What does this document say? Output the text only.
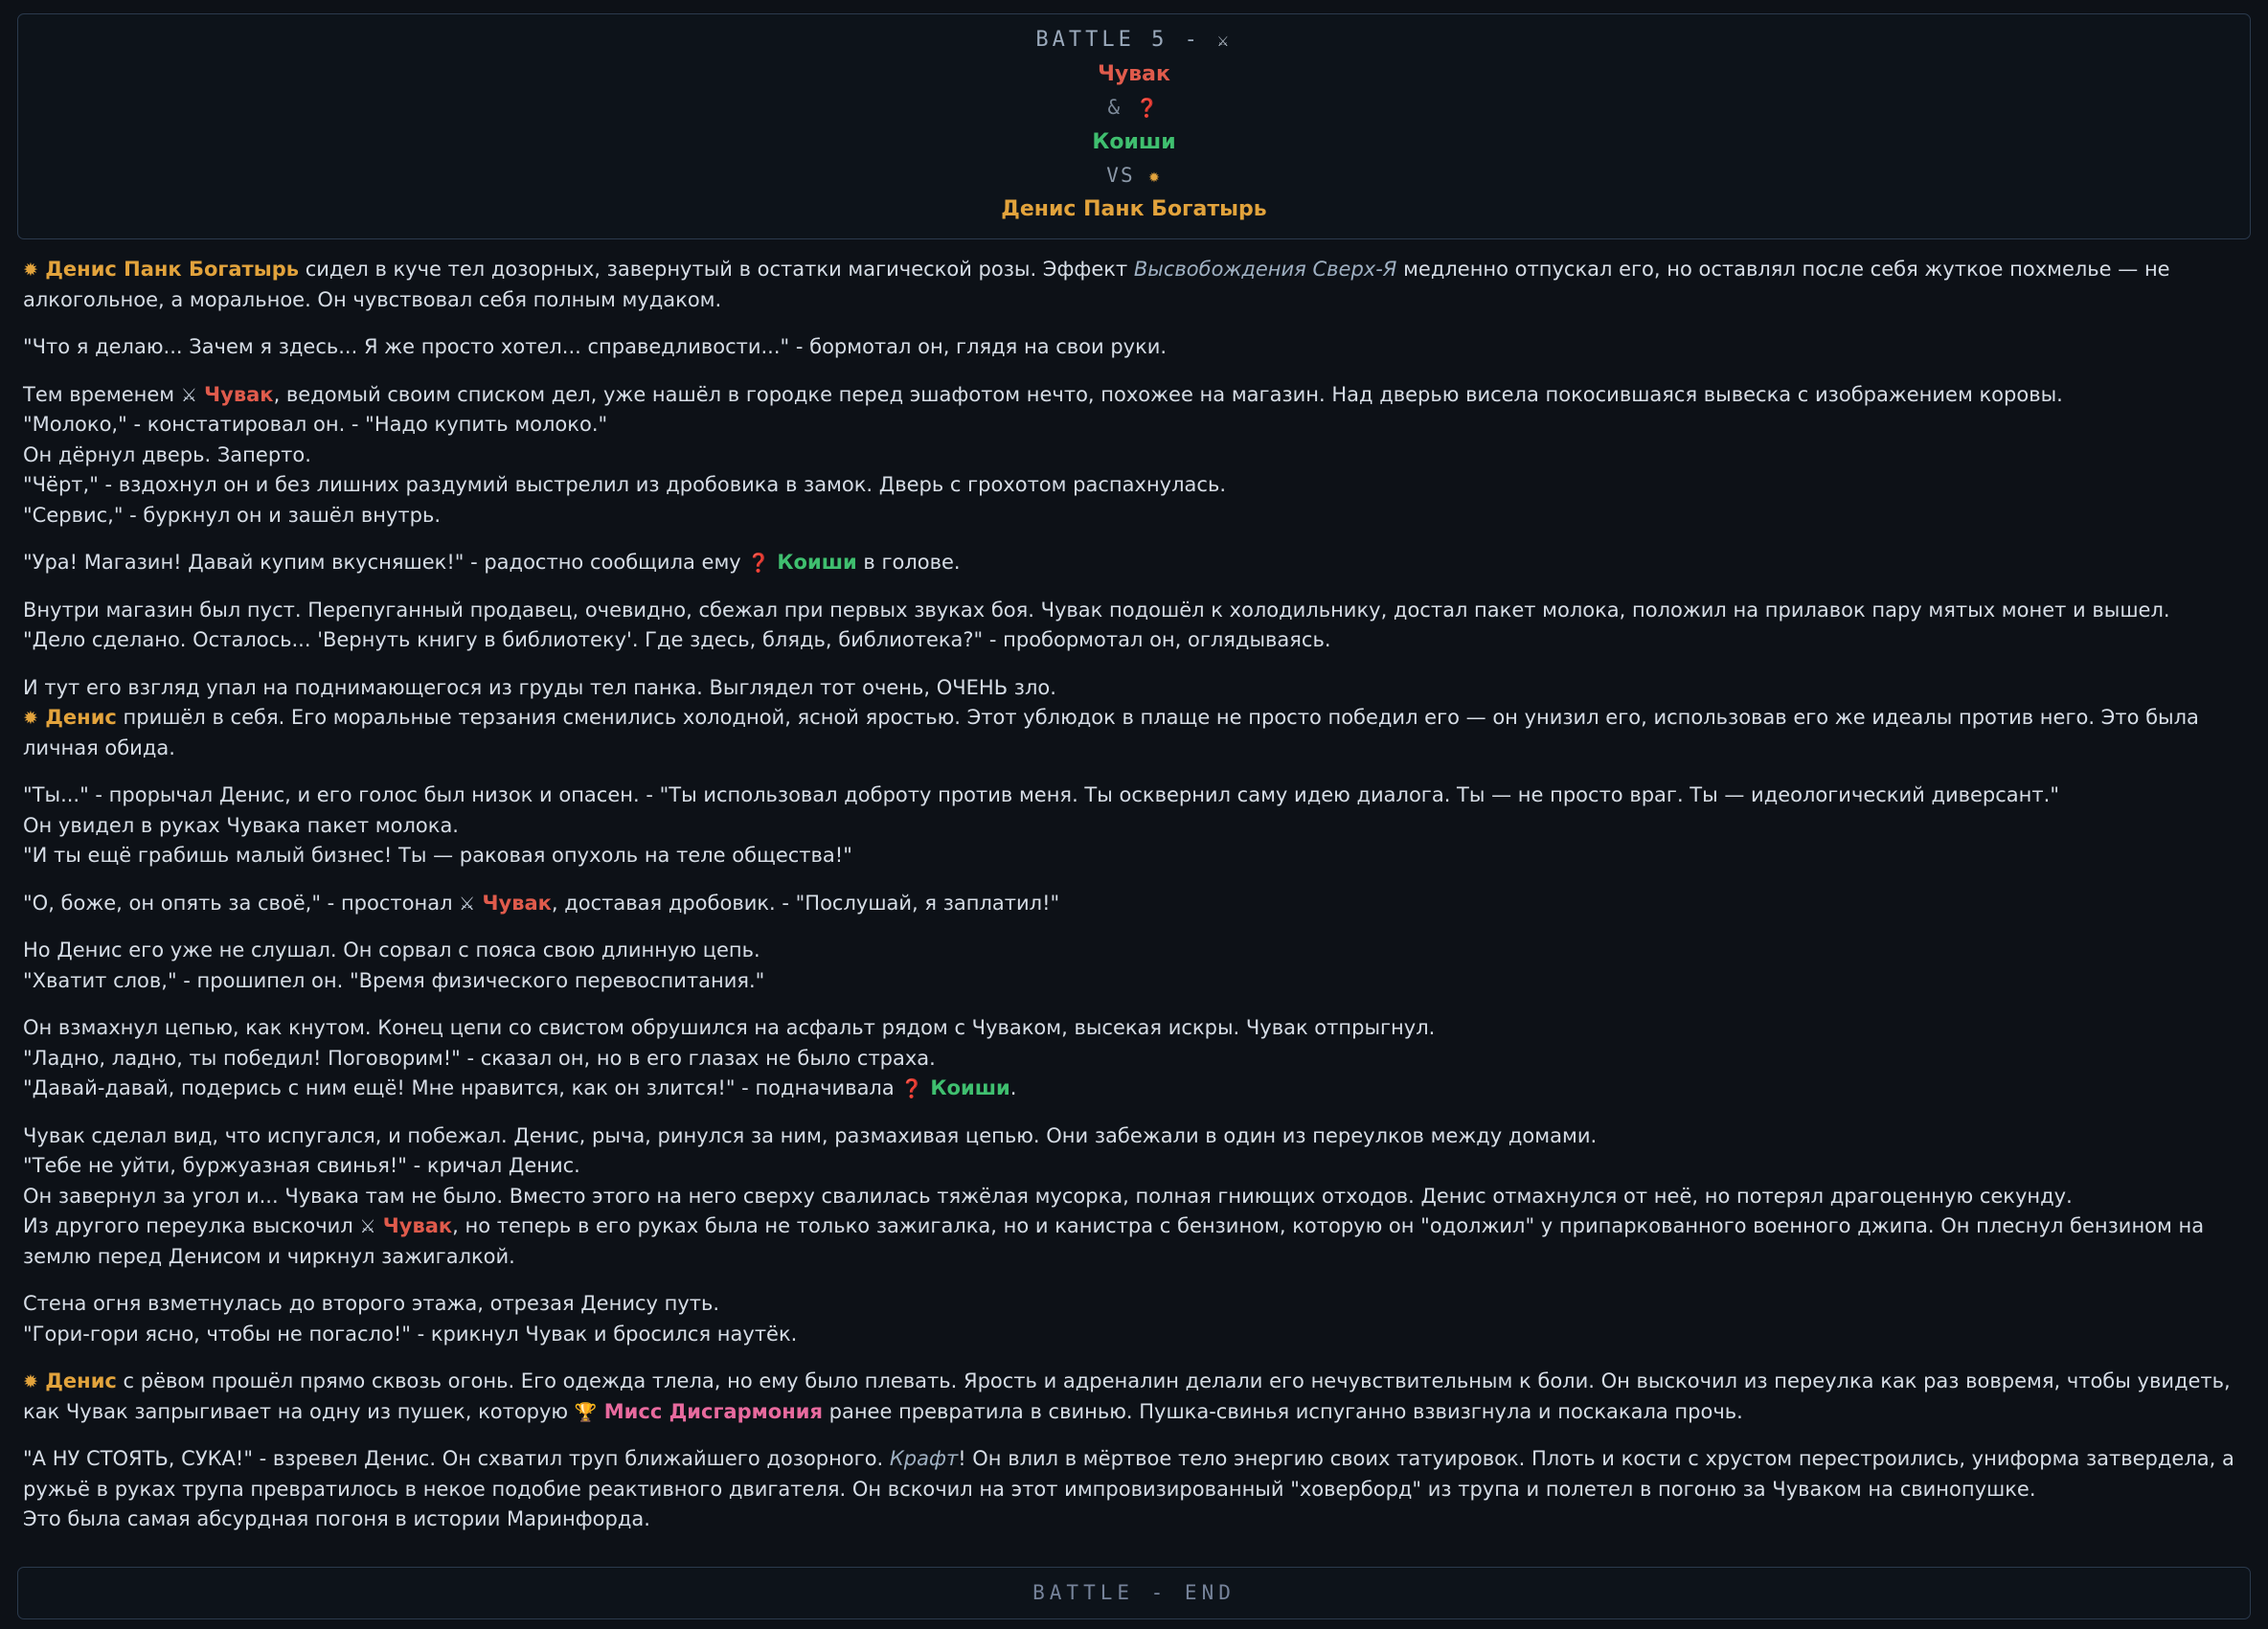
BATTLE 5 - ⚔
Чувак
& ❓
Коиши
VS ✹
Денис Панк Богатырь
✹ Денис Панк Богатырь сидел в куче тел дозорных, завернутый в остатки магической розы. Эффект Высвобождения Сверх-Я медленно отпускал его, но оставлял после себя жуткое похмелье — не алкогольное, а моральное. Он чувствовал себя полным мудаком.
"Что я делаю... Зачем я здесь... Я же просто хотел... справедливости..." - бормотал он, глядя на свои руки.
Тем временем ⚔ Чувак, ведомый своим списком дел, уже нашёл в городке перед эшафотом нечто, похожее на магазин. Над дверью висела покосившаяся вывеска с изображением коровы.
"Молоко," - констатировал он. - "Надо купить молоко."
Он дёрнул дверь. Заперто.
"Чёрт," - вздохнул он и без лишних раздумий выстрелил из дробовика в замок. Дверь с грохотом распахнулась.
"Сервис," - буркнул он и зашёл внутрь.
"Ура! Магазин! Давай купим вкусняшек!" - радостно сообщила ему ❓ Коиши в голове.
Внутри магазин был пуст. Перепуганный продавец, очевидно, сбежал при первых звуках боя. Чувак подошёл к холодильнику, достал пакет молока, положил на прилавок пару мятых монет и вышел.
"Дело сделано. Осталось... 'Вернуть книгу в библиотеку'. Где здесь, блядь, библиотека?" - пробормотал он, оглядываясь.
И тут его взгляд упал на поднимающегося из груды тел панка. Выглядел тот очень, ОЧЕНЬ зло.
✹ Денис пришёл в себя. Его моральные терзания сменились холодной, ясной яростью. Этот ублюдок в плаще не просто победил его — он унизил его, использовав его же идеалы против него. Это была личная обида.
"Ты..." - прорычал Денис, и его голос был низок и опасен. - "Ты использовал доброту против меня. Ты осквернил саму идею диалога. Ты — не просто враг. Ты — идеологический диверсант."
Он увидел в руках Чувака пакет молока.
"И ты ещё грабишь малый бизнес! Ты — раковая опухоль на теле общества!"
"О, боже, он опять за своё," - простонал ⚔ Чувак, доставая дробовик. - "Послушай, я заплатил!"
Но Денис его уже не слушал. Он сорвал с пояса свою длинную цепь.
"Хватит слов," - прошипел он. "Время физического перевоспитания."
Он взмахнул цепью, как кнутом. Конец цепи со свистом обрушился на асфальт рядом с Чуваком, высекая искры. Чувак отпрыгнул.
"Ладно, ладно, ты победил! Поговорим!" - сказал он, но в его глазах не было страха.
"Давай-давай, подерись с ним ещё! Мне нравится, как он злится!" - подначивала ❓ Коиши.
Чувак сделал вид, что испугался, и побежал. Денис, рыча, ринулся за ним, размахивая цепью. Они забежали в один из переулков между домами.
"Тебе не уйти, буржуазная свинья!" - кричал Денис.
Он завернул за угол и... Чувака там не было. Вместо этого на него сверху свалилась тяжёлая мусорка, полная гниющих отходов. Денис отмахнулся от неё, но потерял драгоценную секунду.
Из другого переулка выскочил ⚔ Чувак, но теперь в его руках была не только зажигалка, но и канистра с бензином, которую он "одолжил" у припаркованного военного джипа. Он плеснул бензином на землю перед Денисом и чиркнул зажигалкой.
Стена огня взметнулась до второго этажа, отрезая Денису путь.
"Гори-гори ясно, чтобы не погасло!" - крикнул Чувак и бросился наутёк.
✹ Денис с рёвом прошёл прямо сквозь огонь. Его одежда тлела, но ему было плевать. Ярость и адреналин делали его нечувствительным к боли. Он выскочил из переулка как раз вовремя, чтобы увидеть, как Чувак запрыгивает на одну из пушек, которую 🏆 Мисс Дисгармония ранее превратила в свинью. Пушка-свинья испуганно взвизгнула и поскакала прочь.
"А НУ СТОЯТЬ, СУКА!" - взревел Денис. Он схватил труп ближайшего дозорного. Крафт! Он влил в мёртвое тело энергию своих татуировок. Плоть и кости с хрустом перестроились, униформа затвердела, а ружьё в руках трупа превратилось в некое подобие реактивного двигателя. Он вскочил на этот импровизированный "ховерборд" из трупа и полетел в погоню за Чуваком на свинопушке.
Это была самая абсурдная погоня в истории Маринфорда.
BATTLE - END
